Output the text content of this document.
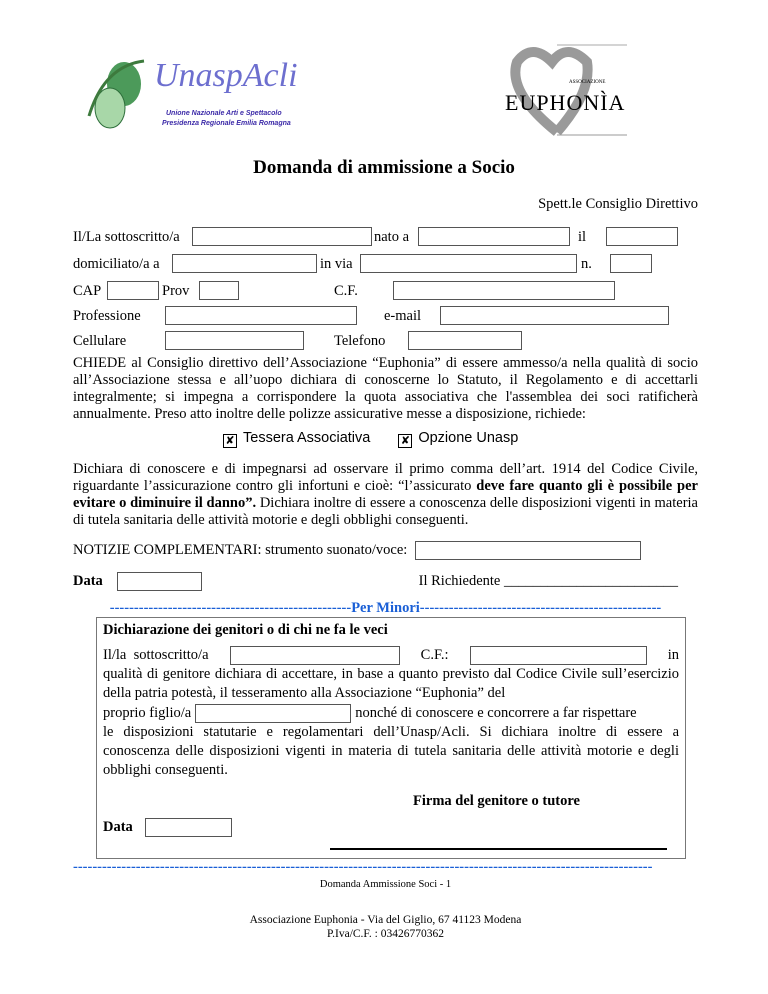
UnaspAcli
Unione Nazionale Arti e Spettacolo
Presidenza Regionale Emilia Romagna
ASSOCIAZIONE
EUPHONÌA
Domanda di ammissione a Socio
Spett.le Consiglio Direttivo
Il/La sottoscritto/a	nato a	il
domiciliato/a a	in via	n.
CAP	Prov	C.F.
Professione	e-mail
Cellulare	Telefono
CHIEDE al Consiglio direttivo dell’Associazione “Euphonia” di essere ammesso/a nella qualità di socio all’Associazione stessa e all’uopo dichiara di conoscerne lo Statuto, il Regolamento e di accettarli integralmente; si impegna a corrispondere la quota associativa che l'assemblea dei soci ratificherà annualmente. Preso atto inoltre delle polizze assicurative messe a disposizione, richiede:
✘ Tessera Associativa	✘ Opzione Unasp
Dichiara di conoscere e di impegnarsi ad osservare il primo comma dell’art. 1914 del Codice Civile, riguardante l’assicurazione contro gli infortuni e cioè: “l’assicurato deve fare quanto gli è possibile per evitare o diminuire il danno”. Dichiara inoltre di essere a conoscenza delle disposizioni vigenti in materia di tutela sanitaria delle attività motorie e degli obblighi conseguenti.
NOTIZIE COMPLEMENTARI: strumento suonato/voce:
Data	Il Richiedente ________________________
--------------------------------------------------Per Minori--------------------------------------------------
Dichiarazione dei genitori o di chi ne fa le veci
Il/la  sottoscritto/a	C.F.:	in
qualità di genitore dichiara di accettare, in base a quanto previsto dal Codice Civile sull’esercizio della patria potestà, il tesseramento alla Associazione “Euphonia” del
proprio figlio/a	nonché di conoscere e concorrere a far rispettare
le disposizioni statutarie e regolamentari dell’Unasp/Acli. Si dichiara inoltre di essere a conoscenza delle disposizioni vigenti in materia di tutela sanitaria delle attività motorie e degli obblighi conseguenti.
Firma del genitore o tutore
Data
------------------------------------------------------------------------------------------------------------------------
Domanda Ammissione Soci - 1
Associazione Euphonia - Via del Giglio, 67 41123 Modena
P.Iva/C.F. : 03426770362
